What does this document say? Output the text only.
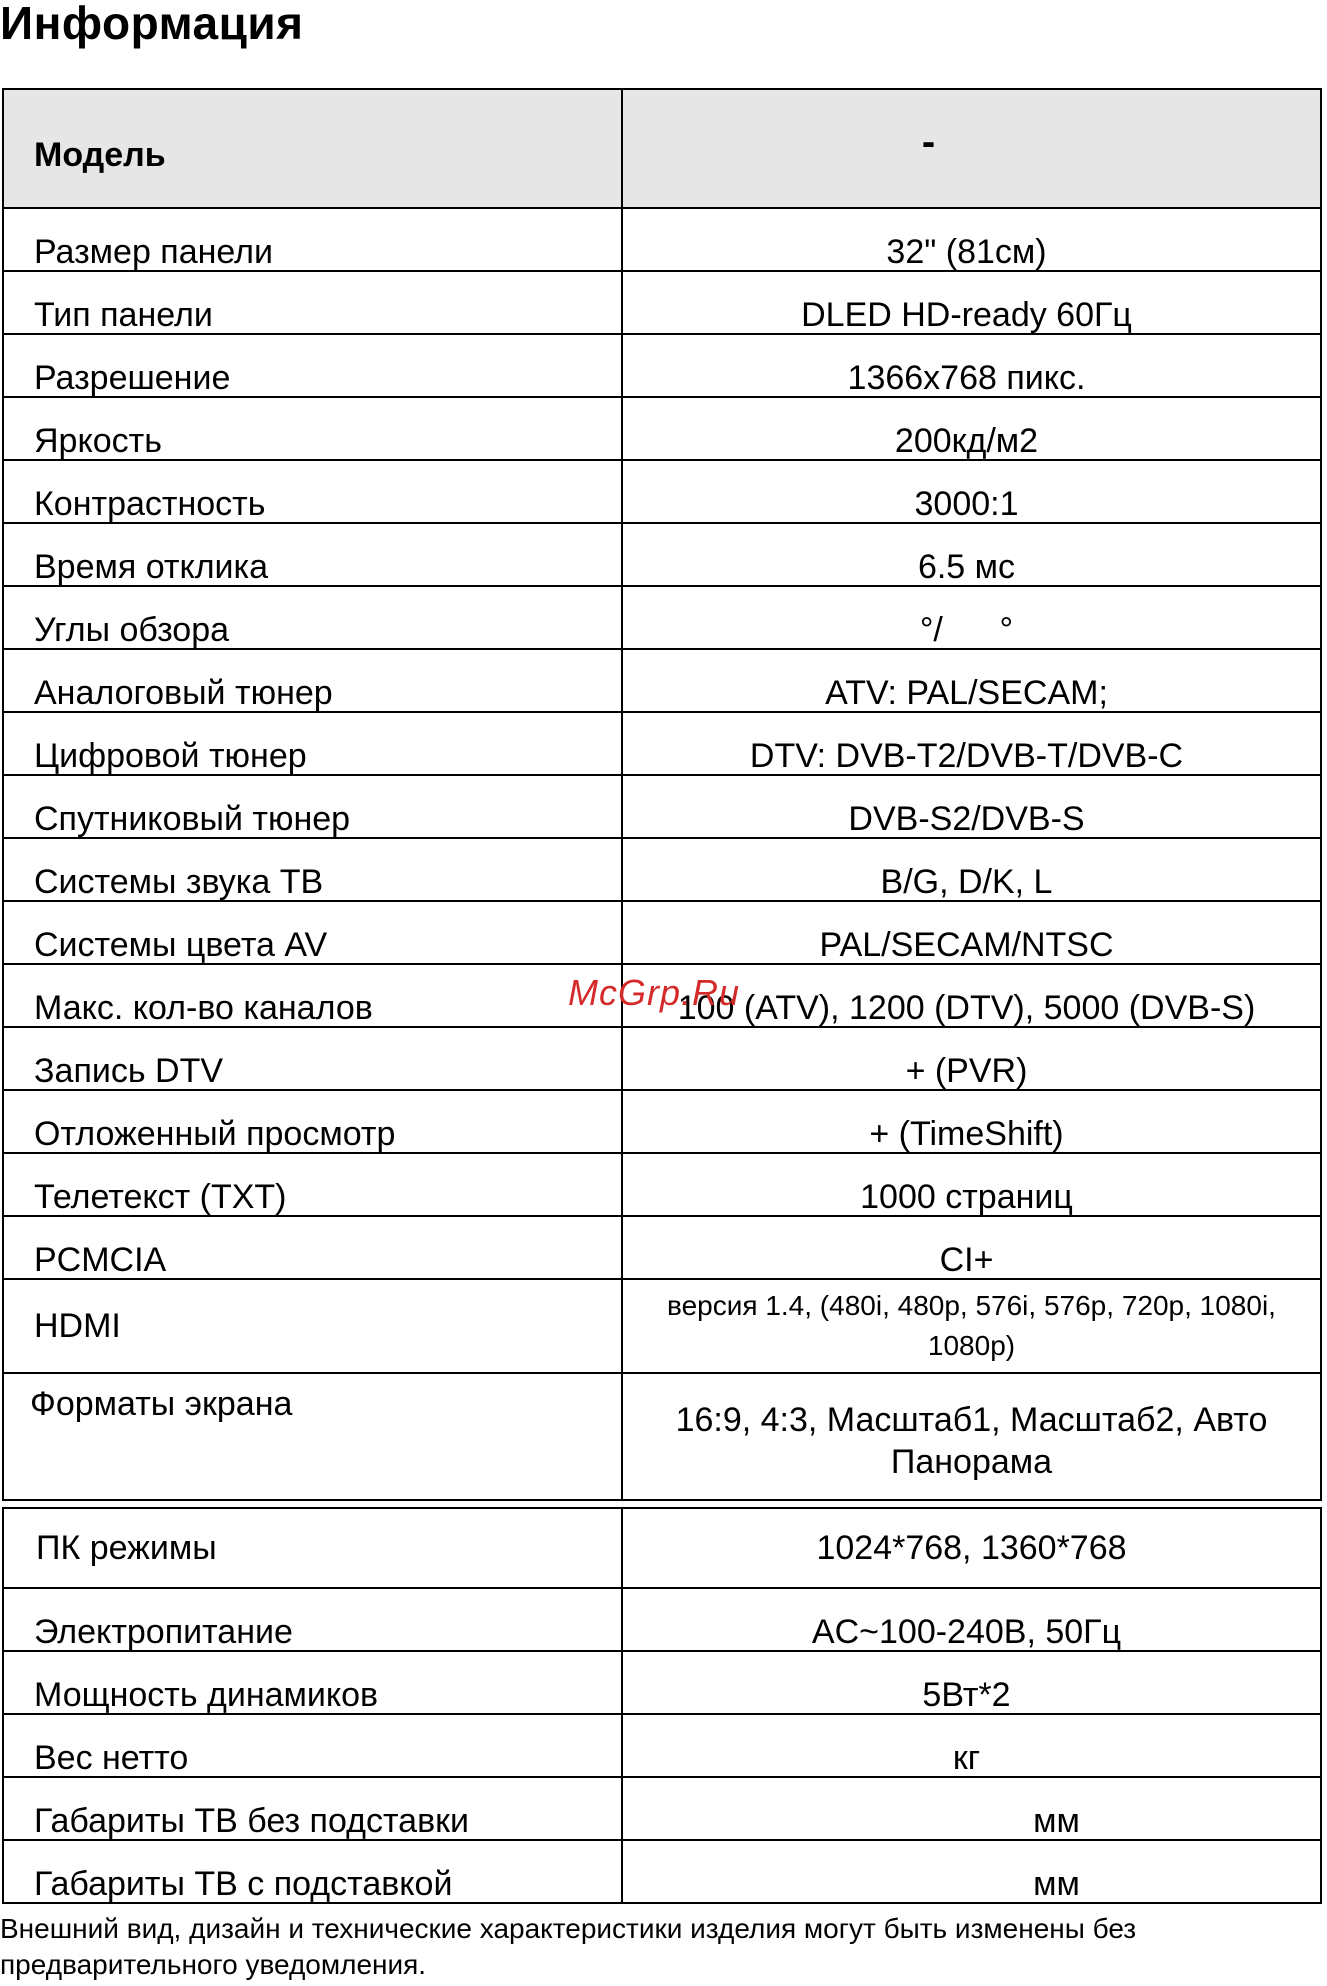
Информация
Модель	-
Размер панели	32" (81см)
Тип панели	DLED HD-ready 60Гц
Разрешение	1366x768 пикс.
Яркость	200кд/м2
Контрастность	3000:1
Время отклика	6.5 мс
Углы обзора	°/      °
Аналоговый тюнер	ATV: PAL/SECAM;
Цифровой тюнер	DTV: DVB-T2/DVB-T/DVB-C
Спутниковый тюнер	DVB-S2/DVB-S
Системы звука ТВ	B/G, D/K, L
Системы цвета AV	PAL/SECAM/NTSC
Макс. кол-во каналов	100 (ATV), 1200 (DTV), 5000 (DVB-S)
Запись DTV	+ (PVR)
Отложенный просмотр	+ (TimeShift)
Телетекст (TXT)	1000 страниц
PCMCIA	CI+
HDMI	версия 1.4, (480i, 480p, 576i, 576p, 720p, 1080i, 1080p)
Форматы экрана	16:9, 4:3, Масштаб1, Масштаб2, Авто Панорама

ПК режимы	1024*768, 1360*768
Электропитание	AC~100-240В, 50Гц
Мощность динамиков	5Вт*2
Вес нетто	кг
Габариты ТВ без подставки	мм
Габариты ТВ с подставкой	мм
McGrp.Ru

Внешний вид, дизайн и технические характеристики изделия могут быть изменены без предварительного уведомления.
